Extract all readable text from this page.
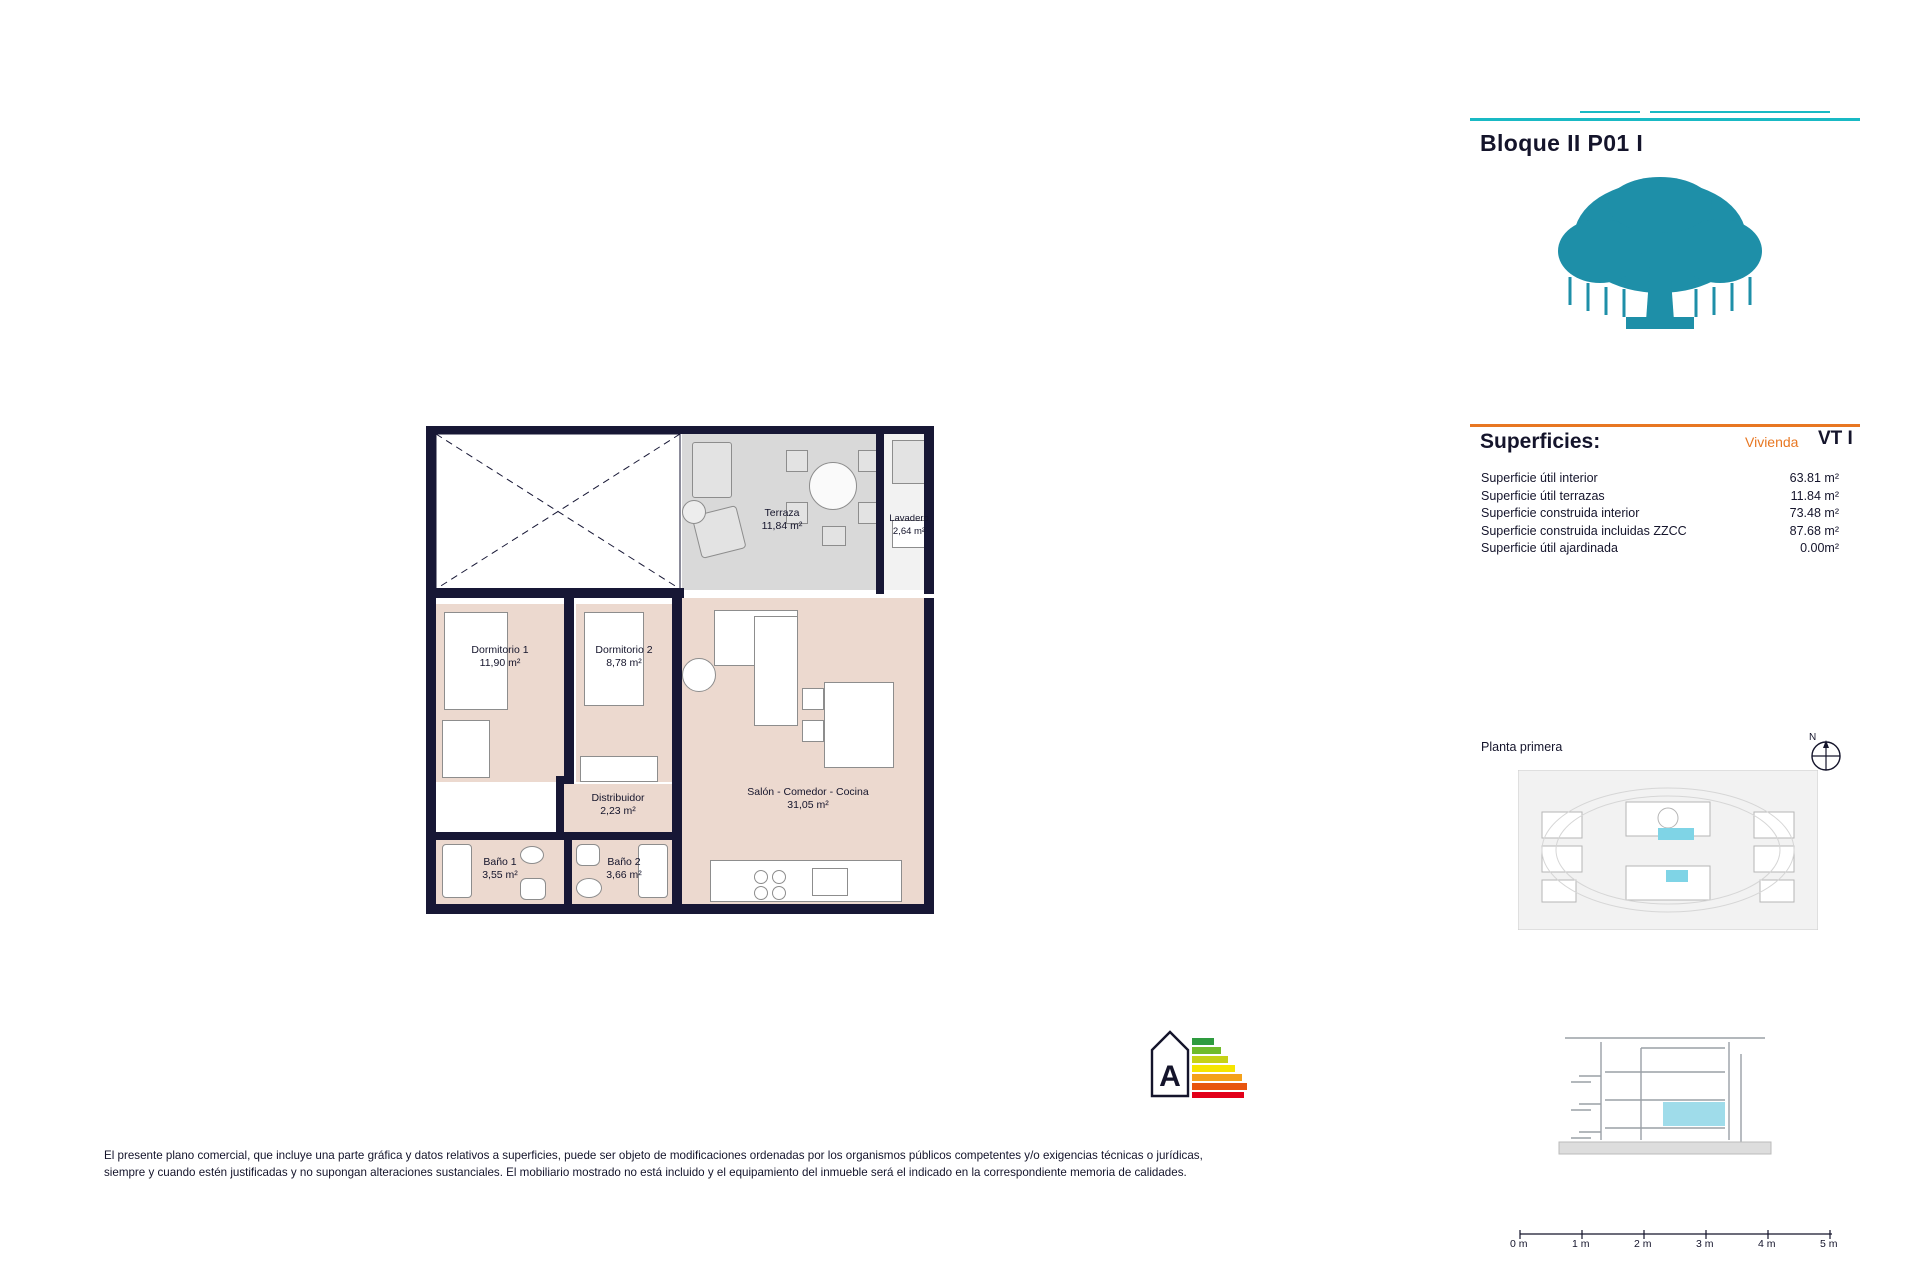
Terraza
11,84 m²
Lavadero
2,64 m²
Dormitorio 1
11,90 m²
Dormitorio 2
8,78 m²
Distribuidor
2,23 m²
Salón - Comedor - Cocina
31,05 m²
Baño 1
3,55 m²
Baño 2
3,66 m²
A
El presente plano comercial, que incluye una parte gráfica y datos relativos a superficies, puede ser objeto de modificaciones ordenadas por los organismos públicos competentes y/o exigencias técnicas o jurídicas, siempre y cuando estén justificadas y no supongan alteraciones sustanciales. El mobiliario mostrado no está incluido y el equipamiento del inmueble será el indicado en la correspondiente memoria de calidades.
Bloque II P01 I
Superficies:	Vivienda VT I
Superficie útil interior	63.81 m²
Superficie útil terrazas	11.84 m²
Superficie construida interior	73.48 m²
Superficie construida incluidas ZZCC	87.68 m²
Superficie útil ajardinada	0.00m²
Planta primera
N
0 m	1 m	2 m	3 m	4 m	5 m
